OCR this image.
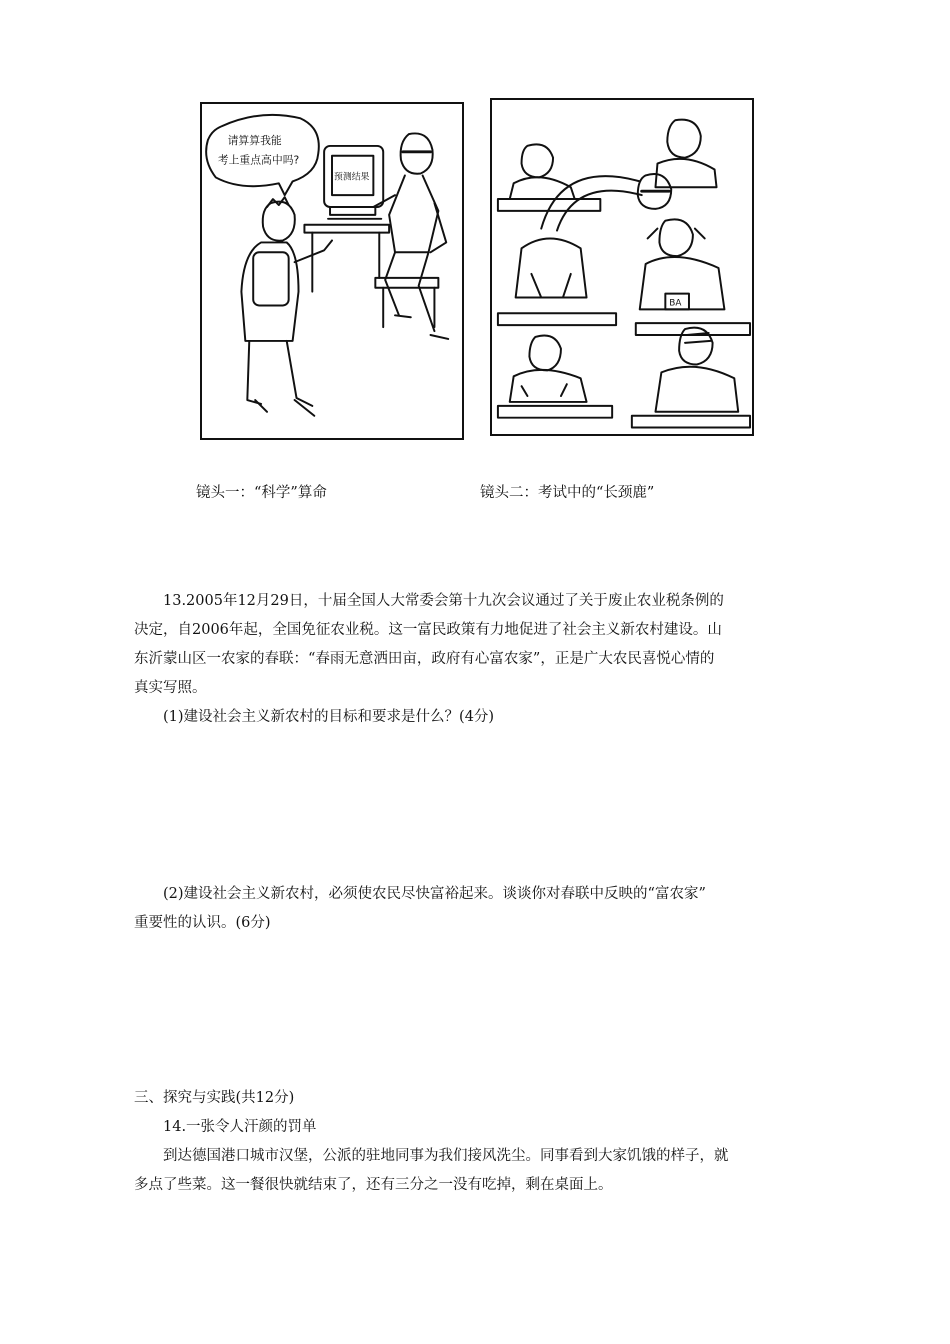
请算算我能
考上重点高中吗?
预测结果
BA
镜头一：“科学”算命	镜头二：考试中的“长颈鹿”

13.2005年12月29日，十届全国人大常委会第十九次会议通过了关于废止农业税条例的

决定，自2006年起，全国免征农业税。这一富民政策有力地促进了社会主义新农村建设。山

东沂蒙山区一农家的春联：“春雨无意洒田亩，政府有心富农家”，正是广大农民喜悦心情的

真实写照。

(1)建设社会主义新农村的目标和要求是什么？(4分)

(2)建设社会主义新农村，必须使农民尽快富裕起来。谈谈你对春联中反映的“富农家”

重要性的认识。(6分)

三、探究与实践(共12分)

14.一张令人汗颜的罚单

到达德国港口城市汉堡，公派的驻地同事为我们接风洗尘。同事看到大家饥饿的样子，就

多点了些菜。这一餐很快就结束了，还有三分之一没有吃掉，剩在桌面上。
